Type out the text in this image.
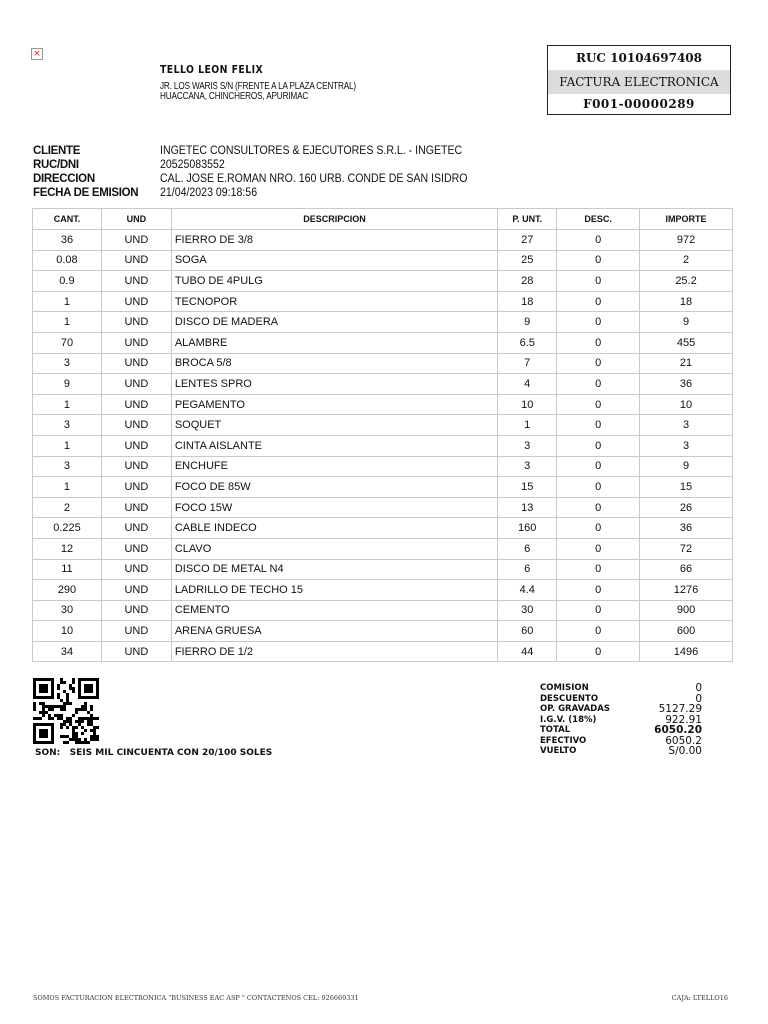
×
TELLO LEON FELIX
JR. LOS WARIS S/N (FRENTE A LA PLAZA CENTRAL)
HUACCANA, CHINCHEROS, APURIMAC
RUC 10104697408
FACTURA ELECTRONICA
F001-00000289
CLIENTE	INGETEC CONSULTORES & EJECUTORES S.R.L. - INGETEC
RUC/DNI	20525083552
DIRECCION	CAL. JOSE E.ROMAN NRO. 160 URB. CONDE DE SAN ISIDRO
FECHA DE EMISION	21/04/2023 09:18:56
CANT.	UND	DESCRIPCION	P. UNT.	DESC.	IMPORTE
36	UND	FIERRO DE 3/8	27	0	972
0.08	UND	SOGA	25	0	2
0.9	UND	TUBO DE 4PULG	28	0	25.2
1	UND	TECNOPOR	18	0	18
1	UND	DISCO DE MADERA	9	0	9
70	UND	ALAMBRE	6.5	0	455
3	UND	BROCA 5/8	7	0	21
9	UND	LENTES SPRO	4	0	36
1	UND	PEGAMENTO	10	0	10
3	UND	SOQUET	1	0	3
1	UND	CINTA AISLANTE	3	0	3
3	UND	ENCHUFE	3	0	9
1	UND	FOCO DE 85W	15	0	15
2	UND	FOCO 15W	13	0	26
0.225	UND	CABLE INDECO	160	0	36
12	UND	CLAVO	6	0	72
11	UND	DISCO DE METAL N4	6	0	66
290	UND	LADRILLO DE TECHO 15	4.4	0	1276
30	UND	CEMENTO	30	0	900
10	UND	ARENA GRUESA	60	0	600
34	UND	FIERRO DE 1/2	44	0	1496
SON: SEIS MIL CINCUENTA CON 20/100 SOLES
COMISION	0
DESCUENTO	0
OP. GRAVADAS	5127.29
I.G.V. (18%)	922.91
TOTAL	6050.20
EFECTIVO	6050.2
VUELTO	S/0.00
SOMOS FACTURACION ELECTRONICA "BUSINESS EAC ASP " CONTACTENOS CEL: 926669331	CAJA: LTELLO16
